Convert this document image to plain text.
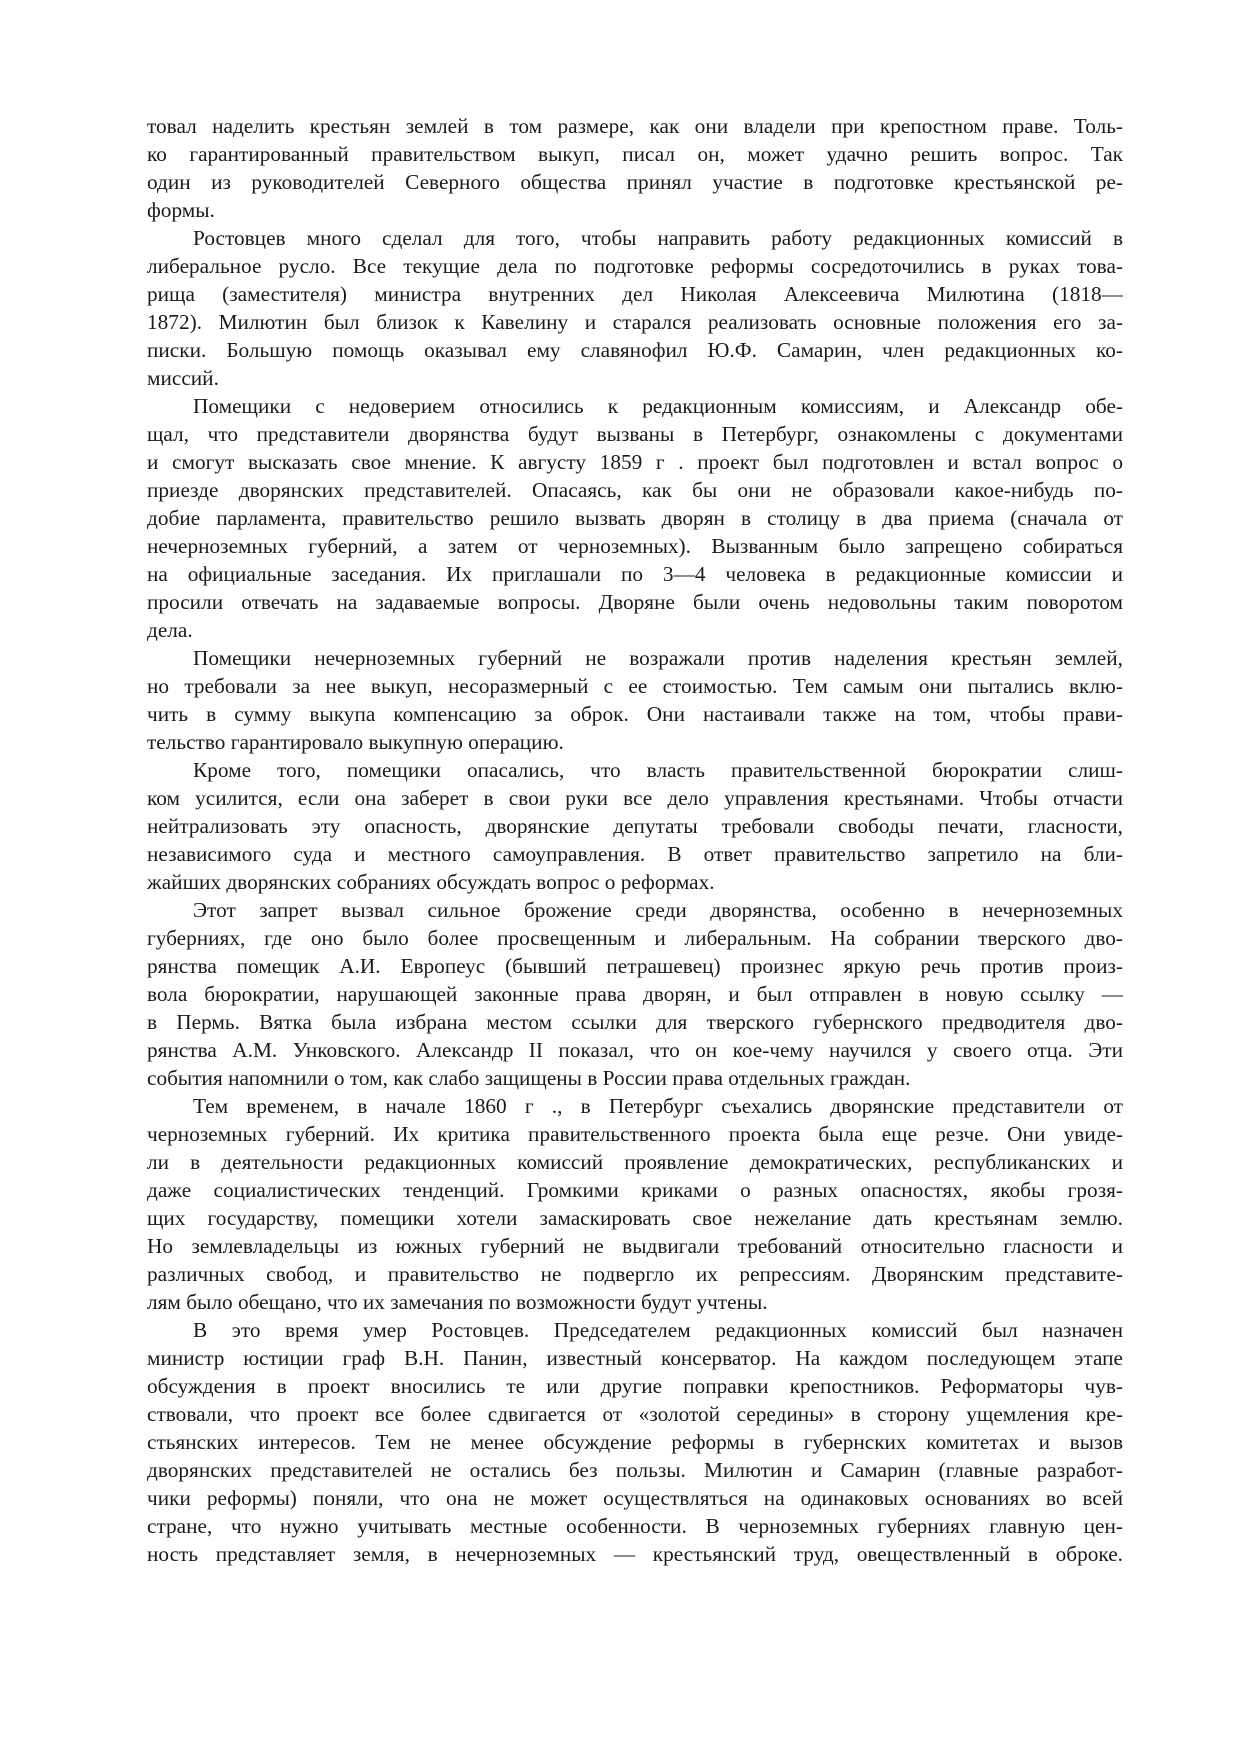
товал наделить крестьян землей в том размере, как они владели при крепостном праве. Толь-
ко гарантированный правительством выкуп, писал он, может удачно решить вопрос. Так
один из руководителей Северного общества принял участие в подготовке крестьянской ре-
формы.
Ростовцев много сделал для того, чтобы направить работу редакционных комиссий в
либеральное русло. Все текущие дела по подготовке реформы сосредоточились в руках това-
рища (заместителя) министра внутренних дел Николая Алексеевича Милютина (1818—
1872). Милютин был близок к Кавелину и старался реализовать основные положения его за-
писки. Большую помощь оказывал ему славянофил Ю.Ф. Самарин, член редакционных ко-
миссий.
Помещики с недоверием относились к редакционным комиссиям, и Александр обе-
щал, что представители дворянства будут вызваны в Петербург, ознакомлены с документами
и смогут высказать свое мнение. К августу 1859 г . проект был подготовлен и встал вопрос о
приезде дворянских представителей. Опасаясь, как бы они не образовали какое-нибудь по-
добие парламента, правительство решило вызвать дворян в столицу в два приема (сначала от
нечерноземных губерний, а затем от черноземных). Вызванным было запрещено собираться
на официальные заседания. Их приглашали по 3—4 человека в редакционные комиссии и
просили отвечать на задаваемые вопросы. Дворяне были очень недовольны таким поворотом
дела.
Помещики нечерноземных губерний не возражали против наделения крестьян землей,
но требовали за нее выкуп, несоразмерный с ее стоимостью. Тем самым они пытались вклю-
чить в сумму выкупа компенсацию за оброк. Они настаивали также на том, чтобы прави-
тельство гарантировало выкупную операцию.
Кроме того, помещики опасались, что власть правительственной бюрократии слиш-
ком усилится, если она заберет в свои руки все дело управления крестьянами. Чтобы отчасти
нейтрализовать эту опасность, дворянские депутаты требовали свободы печати, гласности,
независимого суда и местного самоуправления. В ответ правительство запретило на бли-
жайших дворянских собраниях обсуждать вопрос о реформах.
Этот запрет вызвал сильное брожение среди дворянства, особенно в нечерноземных
губерниях, где оно было более просвещенным и либеральным. На собрании тверского дво-
рянства помещик А.И. Европеус (бывший петрашевец) произнес яркую речь против произ-
вола бюрократии, нарушающей законные права дворян, и был отправлен в новую ссылку —
в Пермь. Вятка была избрана местом ссылки для тверского губернского предводителя дво-
рянства А.М. Унковского. Александр II показал, что он кое-чему научился у своего отца. Эти
события напомнили о том, как слабо защищены в России права отдельных граждан.
Тем временем, в начале 1860 г ., в Петербург съехались дворянские представители от
черноземных губерний. Их критика правительственного проекта была еще резче. Они увиде-
ли в деятельности редакционных комиссий проявление демократических, республиканских и
даже социалистических тенденций. Громкими криками о разных опасностях, якобы грозя-
щих государству, помещики хотели замаскировать свое нежелание дать крестьянам землю.
Но землевладельцы из южных губерний не выдвигали требований относительно гласности и
различных свобод, и правительство не подвергло их репрессиям. Дворянским представите-
лям было обещано, что их замечания по возможности будут учтены.
В это время умер Ростовцев. Председателем редакционных комиссий был назначен
министр юстиции граф В.Н. Панин, известный консерватор. На каждом последующем этапе
обсуждения в проект вносились те или другие поправки крепостников. Реформаторы чув-
ствовали, что проект все более сдвигается от «золотой середины» в сторону ущемления кре-
стьянских интересов. Тем не менее обсуждение реформы в губернских комитетах и вызов
дворянских представителей не остались без пользы. Милютин и Самарин (главные разработ-
чики реформы) поняли, что она не может осуществляться на одинаковых основаниях во всей
стране, что нужно учитывать местные особенности. В черноземных губерниях главную цен-
ность представляет земля, в нечерноземных — крестьянский труд, овеществленный в оброке.
